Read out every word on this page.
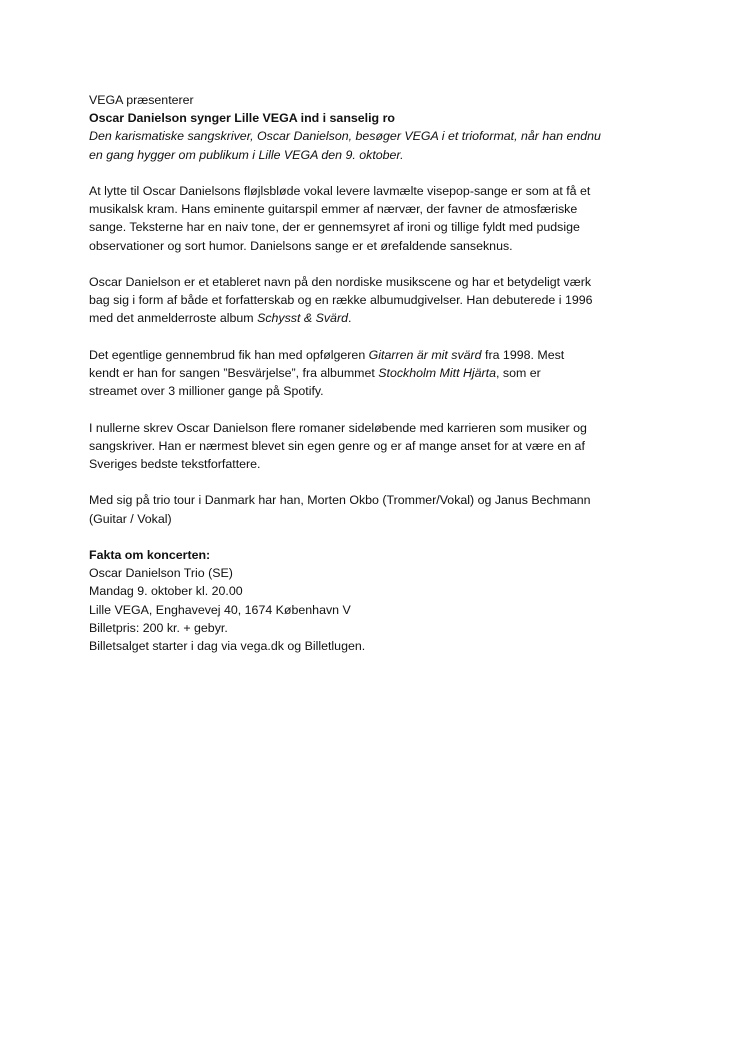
VEGA præsenterer
Oscar Danielson synger Lille VEGA ind i sanselig ro
Den karismatiske sangskriver, Oscar Danielson, besøger VEGA i et trioformat, når han endnu
en gang hygger om publikum i Lille VEGA den 9. oktober.
At lytte til Oscar Danielsons fløjlsbløde vokal levere lavmælte visepop-sange er som at få et
musikalsk kram. Hans eminente guitarspil emmer af nærvær, der favner de atmosfæriske
sange. Teksterne har en naiv tone, der er gennemsyret af ironi og tillige fyldt med pudsige
observationer og sort humor. Danielsons sange er et ørefaldende sanseknus.
Oscar Danielson er et etableret navn på den nordiske musikscene og har et betydeligt værk
bag sig i form af både et forfatterskab og en række albumudgivelser. Han debuterede i 1996
med det anmelderroste album Schysst & Svärd.
Det egentlige gennembrud fik han med opfølgeren Gitarren är mit svärd fra 1998. Mest
kendt er han for sangen ”Besvärjelse”, fra albummet Stockholm Mitt Hjärta, som er
streamet over 3 millioner gange på Spotify.
I nullerne skrev Oscar Danielson flere romaner sideløbende med karrieren som musiker og
sangskriver. Han er nærmest blevet sin egen genre og er af mange anset for at være en af
Sveriges bedste tekstforfattere.
Med sig på trio tour i Danmark har han, Morten Okbo (Trommer/Vokal) og Janus Bechmann
(Guitar / Vokal)
Fakta om koncerten:
Oscar Danielson Trio (SE)
Mandag 9. oktober kl. 20.00
Lille VEGA, Enghavevej 40, 1674 København V
Billetpris: 200 kr. + gebyr.
Billetsalget starter i dag via vega.dk og Billetlugen.
